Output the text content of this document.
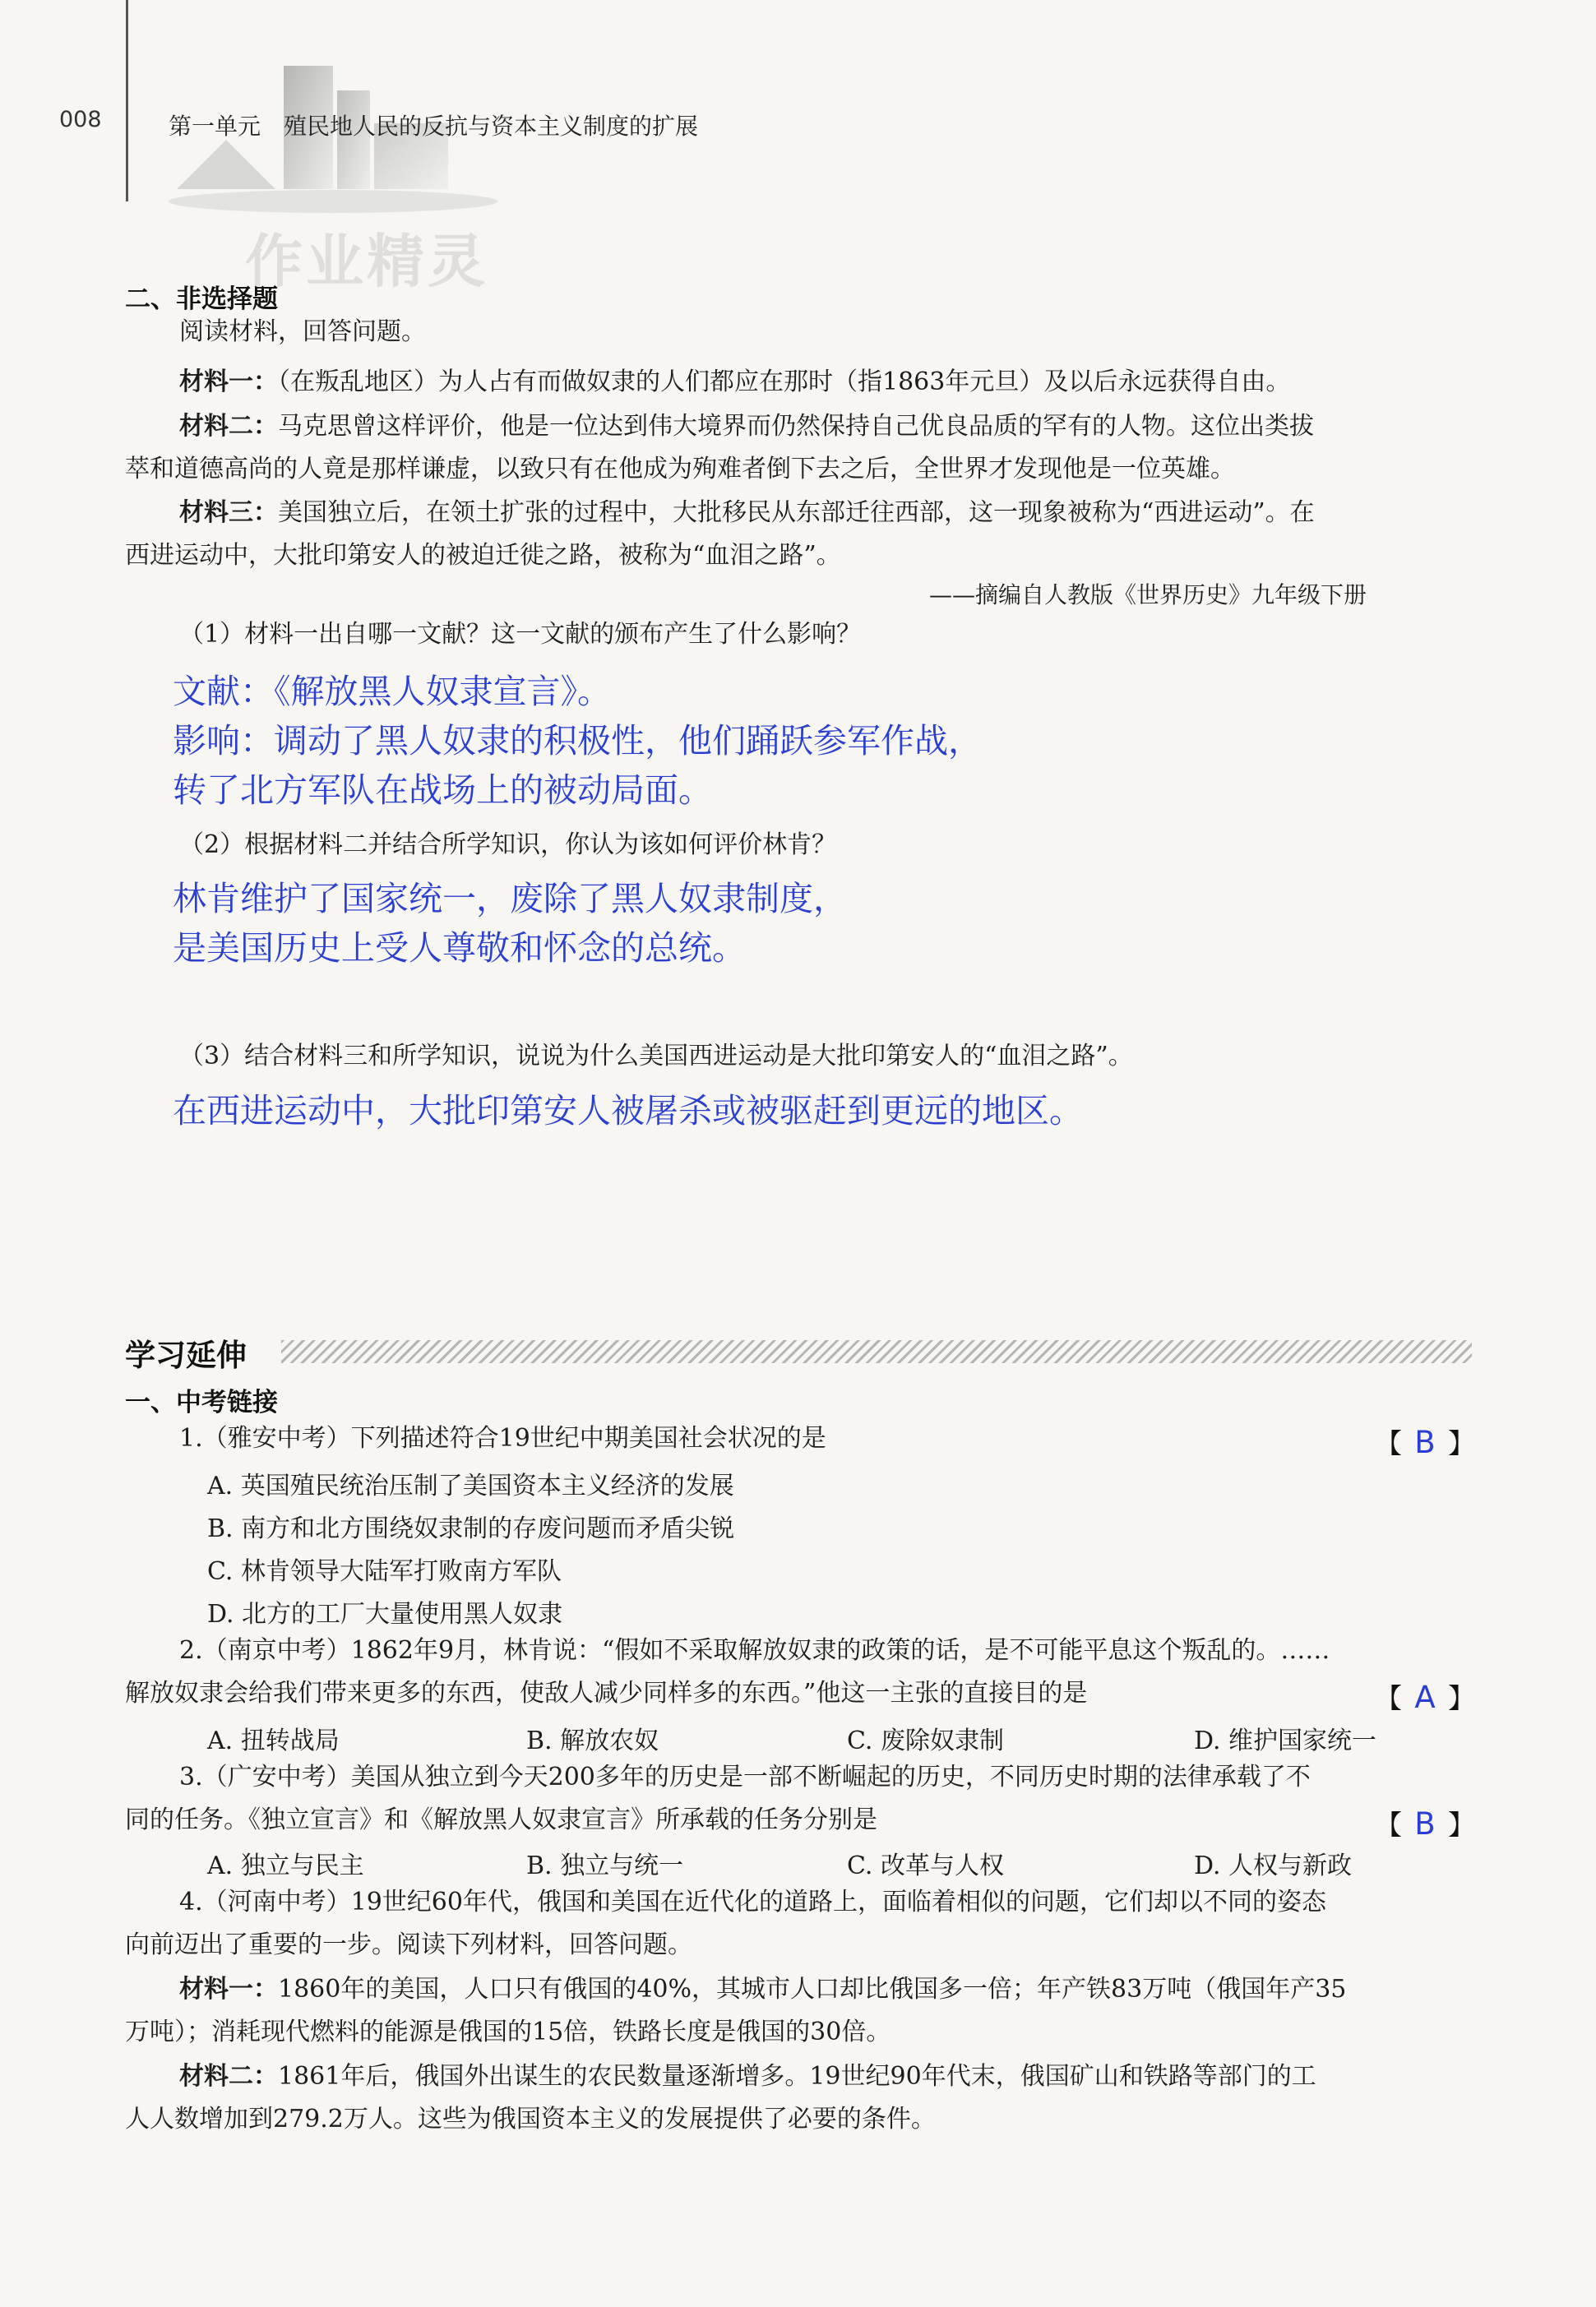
008	第一单元　殖民地人民的反抗与资本主义制度的扩展
作业精灵
二、非选择题
阅读材料，回答问题。
材料一：（在叛乱地区）为人占有而做奴隶的人们都应在那时（指1863年元旦）及以后永远获得自由。
材料二：马克思曾这样评价，他是一位达到伟大境界而仍然保持自己优良品质的罕有的人物。这位出类拔
萃和道德高尚的人竟是那样谦虚，以致只有在他成为殉难者倒下去之后，全世界才发现他是一位英雄。
材料三：美国独立后，在领土扩张的过程中，大批移民从东部迁往西部，这一现象被称为“西进运动”。在
西进运动中，大批印第安人的被迫迁徙之路，被称为“血泪之路”。
——摘编自人教版《世界历史》九年级下册
（1）材料一出自哪一文献？这一文献的颁布产生了什么影响？
文献：《解放黑人奴隶宣言》。
影响：调动了黑人奴隶的积极性，他们踊跃参军作战，
转了北方军队在战场上的被动局面。
（2）根据材料二并结合所学知识，你认为该如何评价林肯？
林肯维护了国家统一，废除了黑人奴隶制度，
是美国历史上受人尊敬和怀念的总统。
（3）结合材料三和所学知识，说说为什么美国西进运动是大批印第安人的“血泪之路”。
在西进运动中，大批印第安人被屠杀或被驱赶到更远的地区。
学习延伸
一、中考链接
1.（雅安中考）下列描述符合19世纪中期美国社会状况的是	【 B 】
A. 英国殖民统治压制了美国资本主义经济的发展
B. 南方和北方围绕奴隶制的存废问题而矛盾尖锐
C. 林肯领导大陆军打败南方军队
D. 北方的工厂大量使用黑人奴隶
2.（南京中考）1862年9月，林肯说：“假如不采取解放奴隶的政策的话，是不可能平息这个叛乱的。……
解放奴隶会给我们带来更多的东西，使敌人减少同样多的东西。”他这一主张的直接目的是	【 A 】
A. 扭转战局	B. 解放农奴	C. 废除奴隶制	D. 维护国家统一
3.（广安中考）美国从独立到今天200多年的历史是一部不断崛起的历史，不同历史时期的法律承载了不
同的任务。《独立宣言》和《解放黑人奴隶宣言》所承载的任务分别是	【 B 】
A. 独立与民主	B. 独立与统一	C. 改革与人权	D. 人权与新政
4.（河南中考）19世纪60年代，俄国和美国在近代化的道路上，面临着相似的问题，它们却以不同的姿态
向前迈出了重要的一步。阅读下列材料，回答问题。
材料一：1860年的美国，人口只有俄国的40%，其城市人口却比俄国多一倍；年产铁83万吨（俄国年产35
万吨）；消耗现代燃料的能源是俄国的15倍，铁路长度是俄国的30倍。
材料二：1861年后，俄国外出谋生的农民数量逐渐增多。19世纪90年代末，俄国矿山和铁路等部门的工
人人数增加到279.2万人。这些为俄国资本主义的发展提供了必要的条件。
